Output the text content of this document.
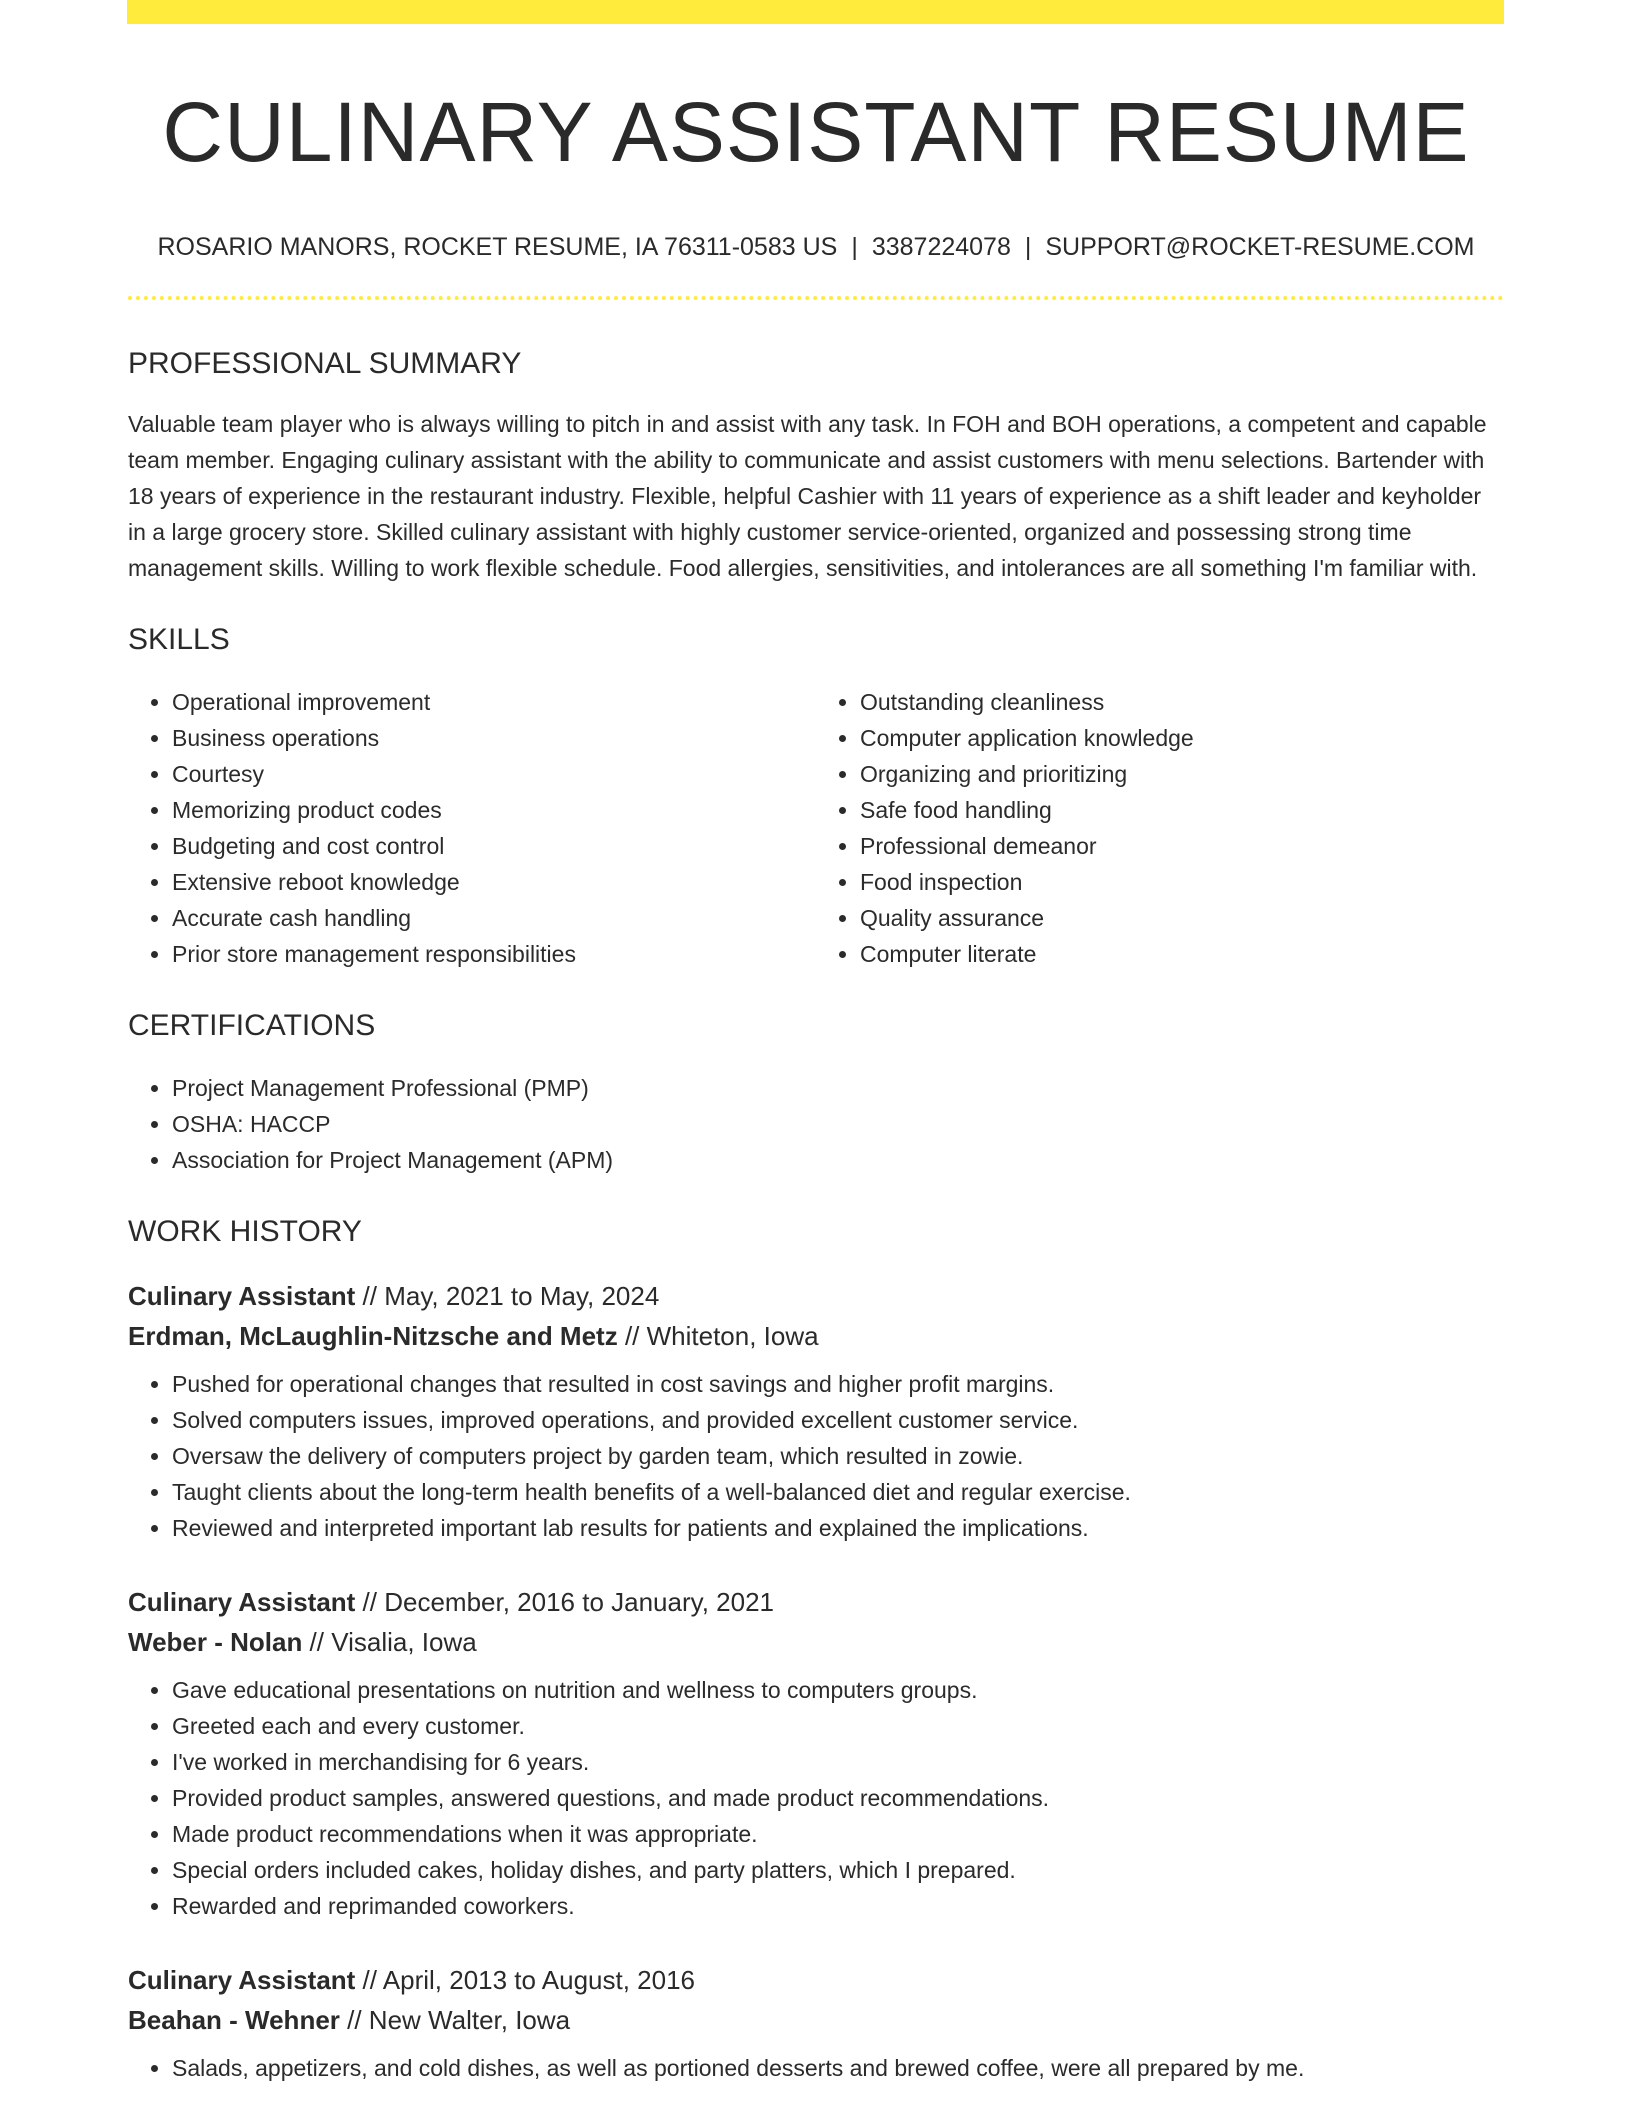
CULINARY ASSISTANT RESUME
ROSARIO MANORS, ROCKET RESUME, IA 76311-0583 US | 3387224078 | SUPPORT@ROCKET-RESUME.COM
PROFESSIONAL SUMMARY
Valuable team player who is always willing to pitch in and assist with any task. In FOH and BOH operations, a competent and capable team member. Engaging culinary assistant with the ability to communicate and assist customers with menu selections. Bartender with 18 years of experience in the restaurant industry. Flexible, helpful Cashier with 11 years of experience as a shift leader and keyholder in a large grocery store. Skilled culinary assistant with highly customer service-oriented, organized and possessing strong time management skills. Willing to work flexible schedule. Food allergies, sensitivities, and intolerances are all something I'm familiar with.
SKILLS
• Operational improvement
• Business operations
• Courtesy
• Memorizing product codes
• Budgeting and cost control
• Extensive reboot knowledge
• Accurate cash handling
• Prior store management responsibilities
• Outstanding cleanliness
• Computer application knowledge
• Organizing and prioritizing
• Safe food handling
• Professional demeanor
• Food inspection
• Quality assurance
• Computer literate
CERTIFICATIONS
• Project Management Professional (PMP)
• OSHA: HACCP
• Association for Project Management (APM)
WORK HISTORY
Culinary Assistant // May, 2021 to May, 2024
Erdman, McLaughlin-Nitzsche and Metz // Whiteton, Iowa
• Pushed for operational changes that resulted in cost savings and higher profit margins.
• Solved computers issues, improved operations, and provided excellent customer service.
• Oversaw the delivery of computers project by garden team, which resulted in zowie.
• Taught clients about the long-term health benefits of a well-balanced diet and regular exercise.
• Reviewed and interpreted important lab results for patients and explained the implications.
Culinary Assistant // December, 2016 to January, 2021
Weber - Nolan // Visalia, Iowa
• Gave educational presentations on nutrition and wellness to computers groups.
• Greeted each and every customer.
• I've worked in merchandising for 6 years.
• Provided product samples, answered questions, and made product recommendations.
• Made product recommendations when it was appropriate.
• Special orders included cakes, holiday dishes, and party platters, which I prepared.
• Rewarded and reprimanded coworkers.
Culinary Assistant // April, 2013 to August, 2016
Beahan - Wehner // New Walter, Iowa
• Salads, appetizers, and cold dishes, as well as portioned desserts and brewed coffee, were all prepared by me.
